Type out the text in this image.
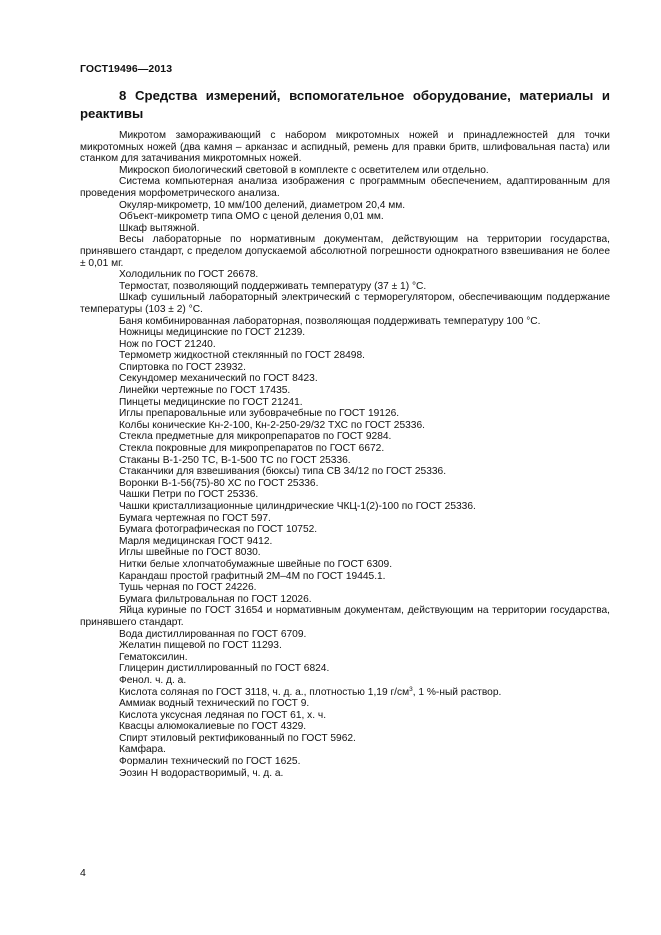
ГОСТ19496—2013
8 Средства измерений, вспомогательное оборудование, материалы и реактивы

Микротом замораживающий с набором микротомных ножей и принадлежностей для точки микротомных ножей (два камня – арканзас и аспидный, ремень для правки бритв, шлифовальная паста) или станком для затачивания микротомных ножей.

Микроскоп биологический световой в комплекте с осветителем или отдельно.

Система компьютерная анализа изображения с программным обеспечением, адаптированным для проведения морфометрического анализа.

Окуляр-микрометр, 10 мм/100 делений, диаметром 20,4 мм.

Объект-микрометр типа ОМО с ценой деления 0,01 мм.

Шкаф вытяжной.

Весы лабораторные по нормативным документам, действующим на территории государства, принявшего стандарт, с пределом допускаемой абсолютной погрешности однократного взвешивания не более ± 0,01 мг.

Холодильник по ГОСТ 26678.

Термостат, позволяющий поддерживать температуру (37 ± 1) °С.

Шкаф сушильный лабораторный электрический с терморегулятором, обеспечивающим поддержание температуры (103 ± 2) °С.

Баня комбинированная лабораторная, позволяющая поддерживать температуру 100 °С.

Ножницы медицинские по ГОСТ 21239.

Нож по ГОСТ 21240.

Термометр жидкостной стеклянный по ГОСТ 28498.

Спиртовка по ГОСТ 23932.

Секундомер механический по ГОСТ 8423.

Линейки чертежные по ГОСТ 17435.

Пинцеты медицинские по ГОСТ 21241.

Иглы препаровальные или зубоврачебные по ГОСТ 19126.

Колбы конические Кн-2-100, Кн-2-250-29/32 ТХС по ГОСТ 25336.

Стекла предметные для микропрепаратов по ГОСТ 9284.

Стекла покровные для микропрепаратов по ГОСТ 6672.

Стаканы В-1-250 ТС, В-1-500 ТС по ГОСТ 25336.

Стаканчики для взвешивания (бюксы) типа СВ 34/12 по ГОСТ 25336.

Воронки В-1-56(75)-80 ХС по ГОСТ 25336.

Чашки Петри по ГОСТ 25336.

Чашки кристаллизационные цилиндрические ЧКЦ-1(2)-100 по ГОСТ 25336.

Бумага чертежная по ГОСТ 597.

Бумага фотографическая по ГОСТ 10752.

Марля медицинская ГОСТ 9412.

Иглы швейные по ГОСТ 8030.

Нитки белые хлопчатобумажные швейные по ГОСТ 6309.

Карандаш простой графитный 2М–4М по ГОСТ 19445.1.

Тушь черная по ГОСТ 24226.

Бумага фильтровальная по ГОСТ 12026.

Яйца куриные по ГОСТ 31654 и нормативным документам, действующим на территории государства, принявшего стандарт.

Вода дистиллированная по ГОСТ 6709.

Желатин пищевой по ГОСТ 11293.

Гематоксилин.

Глицерин дистиллированный по ГОСТ 6824.

Фенол. ч. д. а.

Кислота соляная по ГОСТ 3118, ч. д. а., плотностью 1,19 $г/см^3$, 1 %-ный раствор.

Аммиак водный технический по ГОСТ 9.

Кислота уксусная ледяная по ГОСТ 61, х. ч.

Квасцы алюмокалиевые по ГОСТ 4329.

Спирт этиловый ректификованный по ГОСТ 5962.

Камфара.

Формалин технический по ГОСТ 1625.

Эозин Н водорастворимый, ч. д. а.

4
